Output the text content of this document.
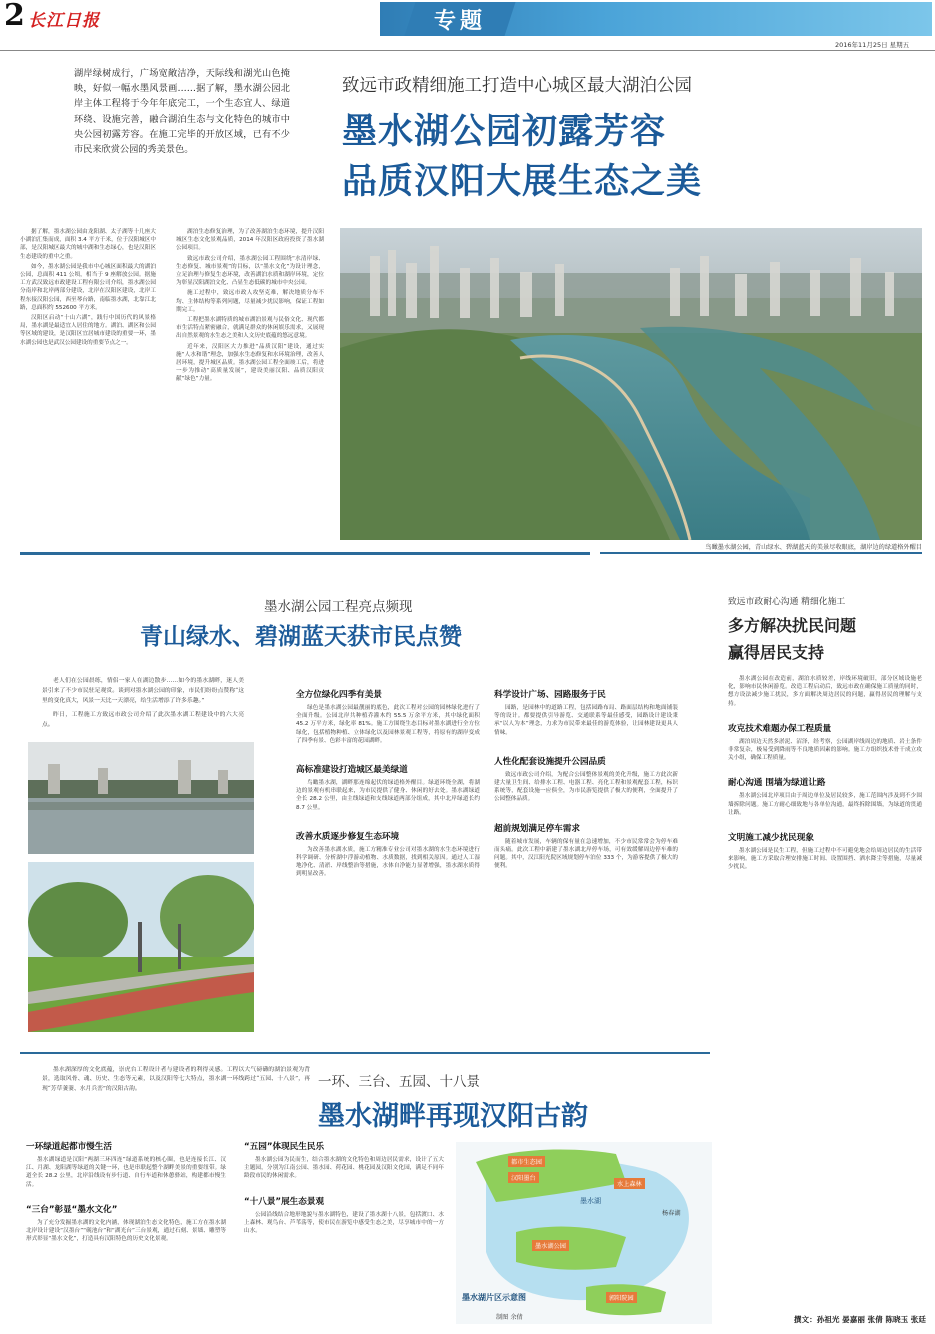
2 长江日报	专题
2016年11月25日 星期五
湖岸绿树成行，广场宽敞洁净，天际线和湖光山色掩映，好似一幅水墨风景画……据了解，墨水湖公园北岸主体工程将于今年年底完工，一个生态宜人、绿道环绕、设施完善，融合湖泊生态与文化特色的城市中央公园初露芳容。在施工完毕的开放区域，已有不少市民来欣赏公园的秀美景色。
致远市政精细施工打造中心城区最大湖泊公园
墨水湖公园初露芳容
品质汉阳大展生态之美

据了解，墨水湖公园由龙阳湖、太子湖等十几座大小湖泊汇集而成，面积 3.4 平方千米，位于汉阳城区中部，是汉阳城区最大的城中湖和生态绿心，也是汉阳区生态建设的重中之重。

如今，墨水湖公园是我市中心城区面积最大的湖泊公园，总面积 411 公顷，相当于 9 座解放公园。据施工方武汉致远市政建设工程有限公司介绍，墨水湖公园分南岸和北岸两部分建设，北岸在汉阳区建设，北岸工程东接汉阳公园，西至琴台路，南临墨水湖，北靠江北路，总面积约 552600 平方米。

汉阳区启动“十山六湖”，践行中国历代的风景格局，墨水湖是最适宜人居住的地方。湖泊、湖区和公园等区域的建设，是汉阳区宜居城市建设的重要一环，墨水湖公园也是武汉公园建设的重要节点之一。

湖泊生态修复治理，为了改善湖泊生态环境，提升汉阳城区生态文化景观品质，2014 年汉阳区政府投资了墨水湖公园项目。

致远市政公司介绍，墨水湖公园工程围绕“水清岸绿、生态修复、城市景观”的目标，以“墨水文化”为设计理念，立足治理与修复生态环境，改善湖泊水质和湖岸环境，定位为彰显汉阳湖泊文化、凸显生态低碳的城市中央公园。

施工过程中，致远市政人攻坚克难，解决地质分布不均、主体结构等系列问题，尽量减少扰民影响，保证工程如期完工。

工程把墨水湖特质的城市湖泊景观与民俗文化、现代都市生活特点紧密融合，就满足群众的休闲娱乐需求，又展现出自然景观的水生态之美和人文历史底蕴的悠远意境。

近年来，汉阳区大力推进“品质汉阳”建设，通过实施“人水和谐”理念，加强水生态修复和水环境治理，改善人居环境，提升城区品质。墨水湖公园工程全面竣工后，将进一步为推动“高质量发展”，建设美丽汉阳、品质汉阳贡献“绿色”力量。

鸟瞰墨水湖公园，青山绿水、碧湖蓝天的美景尽收眼底，湖岸边的绿道格外醒目
墨水湖公园工程亮点频现
青山绿水、碧湖蓝天获市民点赞

老人们在公园晨练，情侣一家人在湖边散步……如今的墨水湖畔，迷人美景引来了不少市民驻足观赏。谈到对墨水湖公园的印象，市民们纷纷点赞称“这里的变化真大，风景一天比一天漂亮，给生活增添了许多乐趣。”

昨日，工程施工方致远市政公司介绍了此次墨水湖工程建设中的六大亮点。

全方位绿化四季有美景

绿色是墨水湖公园最靓丽的底色，此次工程对公园的园林绿化进行了全面升级。公园北岸共种植乔灌木约 55.5 万余平方米，其中绿化面积 45.2 万平方米，绿化率 81%。施工方围绕生态目标对墨水湖进行全方位绿化，包括植物种植、立体绿化以及园林景观工程等，将原有的湖岸变成了四季有景、色彩丰富的花园湖畔。

高标准建设打造城区最美绿道

鸟瞰墨水湖，湖畔那连绵起伏的绿道格外醒目。绿道环绕全湖，将湖边的景观有机串联起来，为市民提供了健身、休闲的好去处。墨水湖绿道全长 28.2 公里，由主线绿道和支线绿道两部分组成，其中北岸绿道长约 8.7 公里。

改善水质逐步修复生态环境

为改善墨水湖水质，施工方精准专业公司对墨水湖的水生态环境进行科学调研、分析湖中浮游动植物、水质数据，找到相关原因。通过人工湿地净化、清淤、岸线整治等措施，水体自净能力显著增强，墨水湖水质得到明显改善。

科学设计广场、园路服务于民

园路，是园林中的道路工程，包括园路布局、路面层结构和地面铺装等的设计。都要提供引导游览、交通联系等最佳感受，园路设计建设秉承“以人为本”理念，力求为市民带来最佳的游览体验，让园林建设更具人情味。

人性化配套设施提升公园品质

致远市政公司介绍，为配合公园整体景观的美化升级，施工方此次新建大量卫生间、给排水工程、电器工程、亮化工程和景观配套工程，标识系统等，配套设施一应俱全，为市民游览提供了极大的便利，全面提升了公园整体品质。

超前规划满足停车需求

随着城市发展，车辆的保有量在急速增加，不少市民常常会为停车难而头痛。此次工程中新建了墨水湖北岸停车场，可有效缓解周边停车难的问题。其中，汉江阳光院区域规划停车泊位 333 个，为游客提供了极大的便利。

墨水湖深厚的文化底蕴，崇虎台工程设计者与建设者的利得灵感。工程以大气磅礴的湖泊景观为背景，选取风骨、魂、历史、生态等元素，以及汉阳等七大特点，墨水湖一环线跨过“五园、十八景”，再现“芳草萋萋、水月兵峦”的汉阳古韵。	一环、三台、五园、十八景
墨水湖畔再现汉阳古韵
一环绿道起都市慢生活

墨水湖绿道是汉阳“两湖三环四连”绿道系统的核心圈，也是连接长江、汉江、月湖、龙阳湖等绿道的关键一环，也是串联起整个湖畔美景的重要纽带。绿道全长 28.2 公里，北岸沿线设有步行道、自行车道和休憩驿站，构建都市慢生活。

“三台”彰显“墨水文化”

为了充分发掘墨水湖的文化内涵，体现湖泊生态文化特色，施工方在墨水湖北岸设计建设“汉墨台”“砚池台”和“湖光台”三台景观，通过石刻、景墙、雕塑等形式彰显“墨水文化”，打造具有汉阳特色的历史文化景观。

“五园”体现民生民乐

墨水湖公园为民而生，结合墨水湖的文化特色和周边居民需求，设计了五大主题园，分别为江南公园、墨水园、荷花园、桃花园及汉阳文化园，满足不同年龄段市民的休闲需求。

“十八景”展生态景观

公园沿线结合地形地貌与墨水湖特色，建设了墨水湖十八景，包括渡口、水上森林、观鸟台、芦苇荡等，使市民在游览中感受生态之美，尽享城市中的一方山水。

都市生态园
汉阳墨台
墨水湖
水上森林
杨春湖
墨水湖公园
郭阳院园
墨水湖片区示意图
制图 余倩
致远市政耐心沟通 精细化施工
多方解决扰民问题
赢得居民支持

墨水湖公园在改造前，湖泊水质较差，岸线环境破旧，部分区域设施老化，影响市民休闲游览。改造工程启动后，致远市政在确保施工质量的同时，想方设法减少施工扰民，多方面解决周边居民的问题，赢得居民的理解与支持。

攻克技术难题办保工程质量

湖泊周边天然多淤泥、沼泽，经考察，公园湖岸线周边的地质、岩土条件非常复杂，极易受到降雨等不良地质因素的影响。施工方组织技术骨干成立攻关小组，确保工程质量。

耐心沟通 围墙为绿道让路

墨水湖公园北岸项目由于周边单位及居民较多，施工范围内涉及到不少围墙拆除问题。施工方耐心细致地与各单位沟通，最终拆除围墙，为绿道的贯通让路。

文明施工减少扰民现象

墨水湖公园是民生工程，但施工过程中不可避免地会给周边居民的生活带来影响。施工方采取合理安排施工时间、设置围挡、洒水降尘等措施，尽量减少扰民。

撰文：孙祖光 晏嘉丽 张倩 陈晓玉 张廷
